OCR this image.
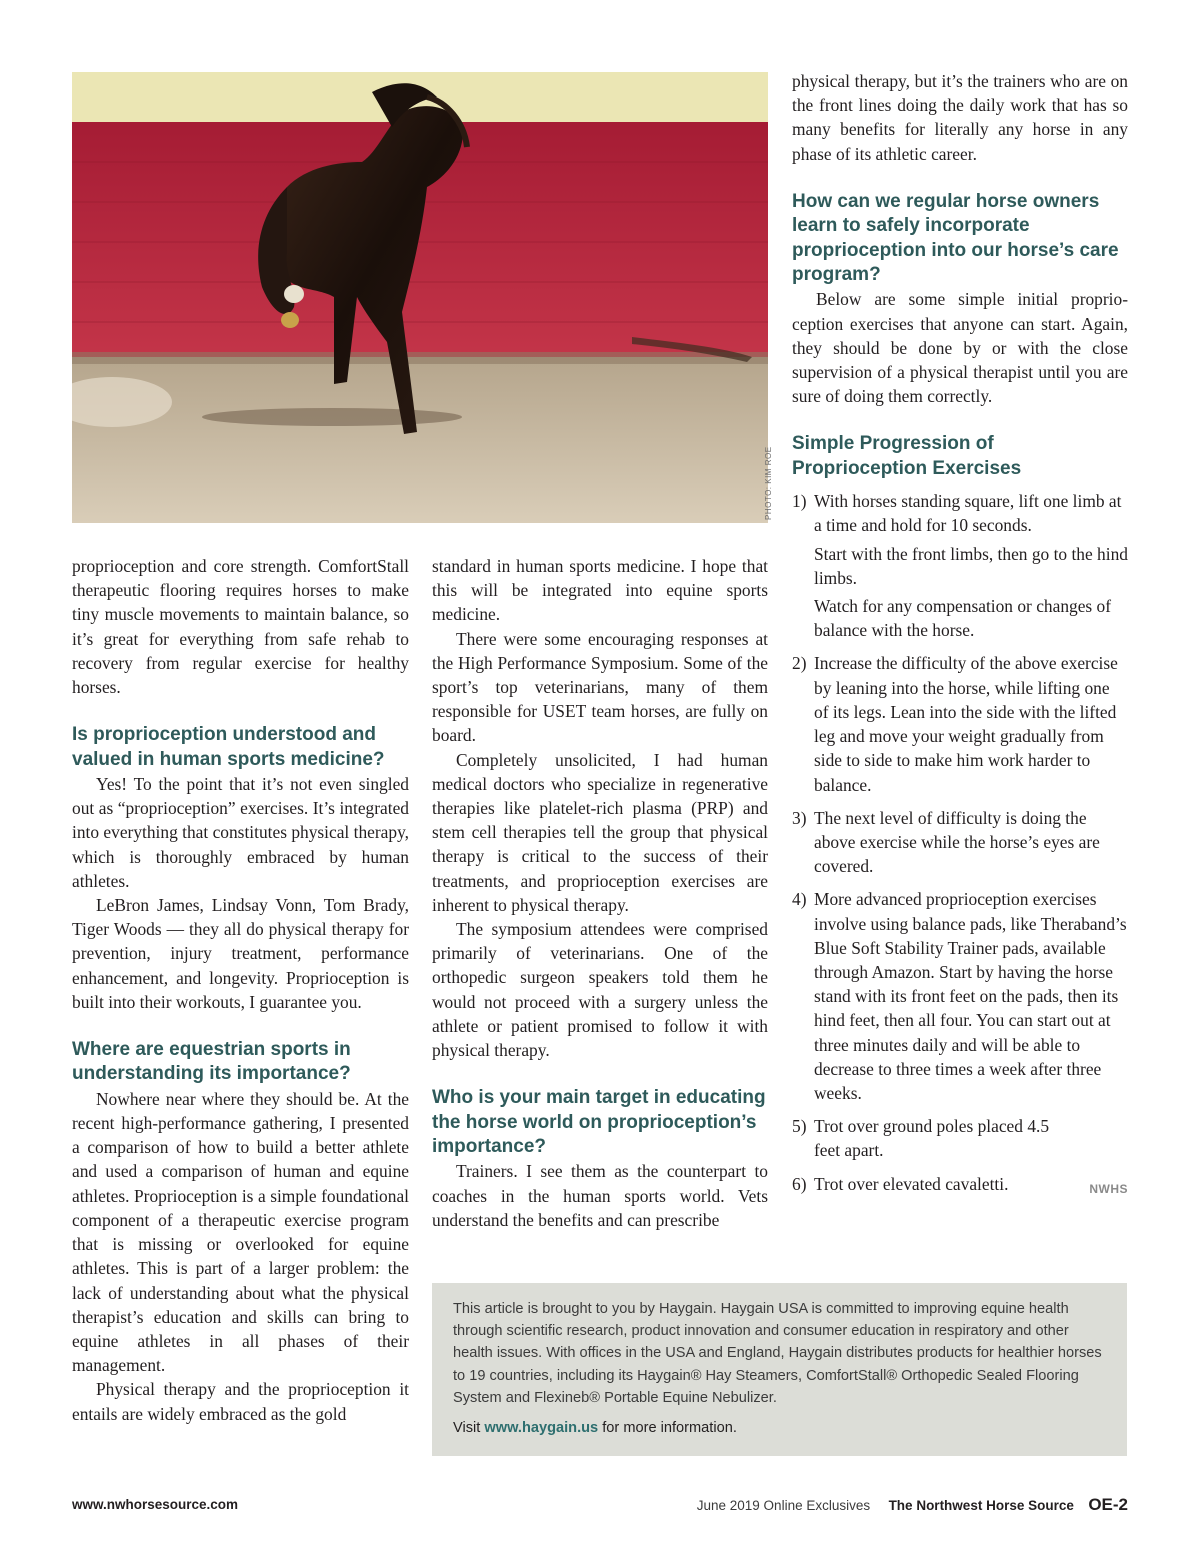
PHOTO: KIM ROE

proprioception and core strength. ComfortStall therapeutic flooring requires horses to make tiny muscle movements to maintain balance, so it’s great for everything from safe rehab to recovery from regular exercise for healthy horses.

Is proprioception understood and valued in human sports medicine?

Yes! To the point that it’s not even singled out as “proprioception” exercises. It’s integrated into everything that constitutes physical therapy, which is thoroughly embraced by human athletes.

LeBron James, Lindsay Vonn, Tom Brady, Tiger Woods — they all do physical therapy for prevention, injury treatment, performance enhancement, and longevity. Proprioception is built into their workouts, I guarantee you.

Where are equestrian sports in understanding its importance?

Nowhere near where they should be. At the recent high-performance gathering, I presented a comparison of how to build a better athlete and used a comparison of human and equine athletes. Proprioception is a simple foundational component of a therapeutic exercise program that is missing or overlooked for equine athletes. This is part of a larger problem: the lack of understanding about what the physical therapist’s education and skills can bring to equine athletes in all phases of their management.

Physical therapy and the proprioception it entails are widely embraced as the gold

standard in human sports medicine. I hope that this will be integrated into equine sports medicine.

There were some encouraging responses at the High Performance Symposium. Some of the sport’s top veterinarians, many of them responsible for USET team horses, are fully on board.

Completely unsolicited, I had human medical doctors who specialize in regenerative therapies like platelet-rich plasma (PRP) and stem cell therapies tell the group that physical therapy is critical to the success of their treatments, and proprioception exercises are inherent to physical therapy.

The symposium attendees were comprised primarily of veterinarians. One of the orthopedic surgeon speakers told them he would not proceed with a surgery unless the athlete or patient promised to follow it with physical therapy.

Who is your main target in educating the horse world on proprioception’s importance?

Trainers. I see them as the counterpart to coaches in the human sports world. Vets understand the benefits and can prescribe

physical therapy, but it’s the trainers who are on the front lines doing the daily work that has so many benefits for literally any horse in any phase of its athletic career.

How can we regular horse owners learn to safely incorporate proprioception into our horse’s care program?

Below are some simple initial proprioception exercises that anyone can start. Again, they should be done by or with the close supervision of a physical therapist until you are sure of doing them correctly.

Simple Progression of Proprioception Exercises
1) With horses standing square, lift one limb at a time and hold for 10 seconds.
Start with the front limbs, then go to the hind limbs.
Watch for any compensation or changes of balance with the horse.
2) Increase the difficulty of the above exercise by leaning into the horse, while lifting one of its legs. Lean into the side with the lifted leg and move your weight gradually from side to side to make him work harder to balance.
3) The next level of difficulty is doing the above exercise while the horse’s eyes are covered.
4) More advanced proprioception exercises involve using balance pads, like Theraband’s Blue Soft Stability Trainer pads, available through Amazon. Start by having the horse stand with its front feet on the pads, then its hind feet, then all four. You can start out at three minutes daily and will be able to decrease to three times a week after three weeks.
5) Trot over ground poles placed 4.5 feet apart.
6) Trot over elevated cavaletti.	NWHS

This article is brought to you by Haygain. Haygain USA is committed to improving equine health through scientific research, product innovation and consumer education in respiratory and other health issues. With offices in the USA and England, Haygain distributes products for healthier horses to 19 countries, including its Haygain® Hay Steamers, ComfortStall® Orthopedic Sealed Flooring System and Flexineb® Portable Equine Nebulizer.

Visit www.haygain.us for more information.

www.nwhorsesource.com	June 2019 Online Exclusives The Northwest Horse Source OE-2
